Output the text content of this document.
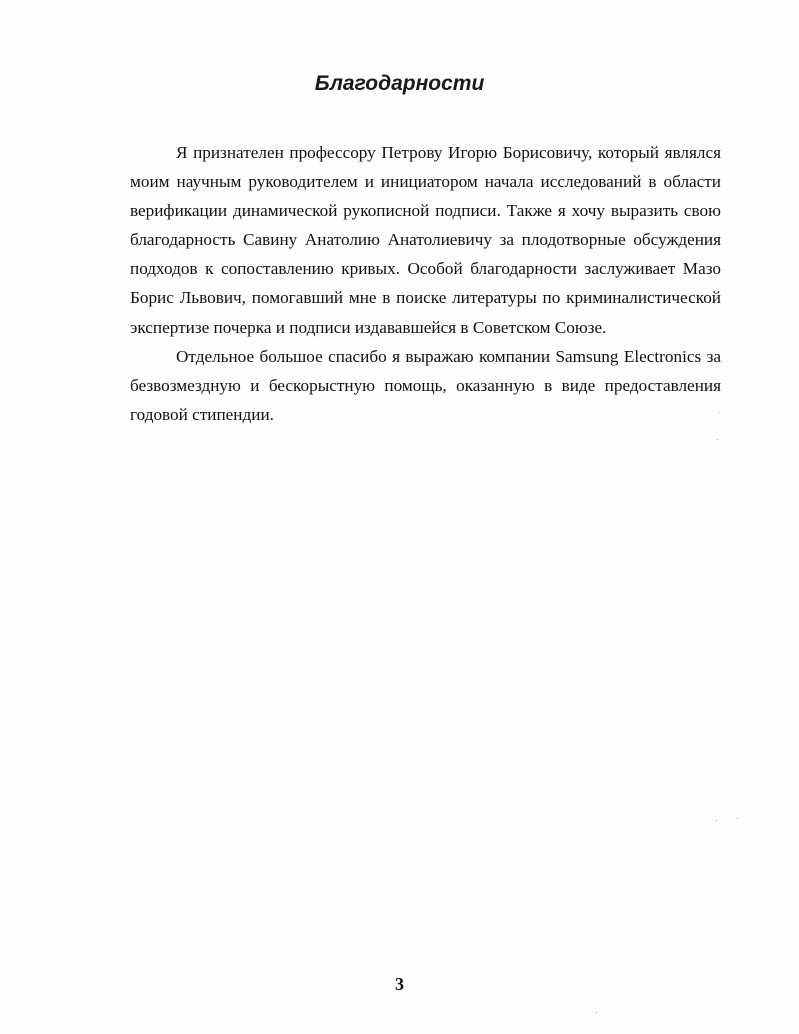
Благодарности

Я признателен профессору Петрову Игорю Борисовичу, который являлся моим научным руководителем и инициатором начала исследований в области верификации динамической рукописной подписи. Также я хочу выразить свою благодарность Савину Анатолию Анатолиевичу за плодотворные обсуждения подходов к сопоставлению кривых. Особой благодарности заслуживает Мазо Борис Львович, помогавший мне в поиске литературы по криминалистической экспертизе почерка и подписи издававшейся в Советском Союзе.

Отдельное большое спасибо я выражаю компании Samsung Electronics за безвозмездную и бескорыстную помощь, оказанную в виде предоставления годовой стипендии.

3
